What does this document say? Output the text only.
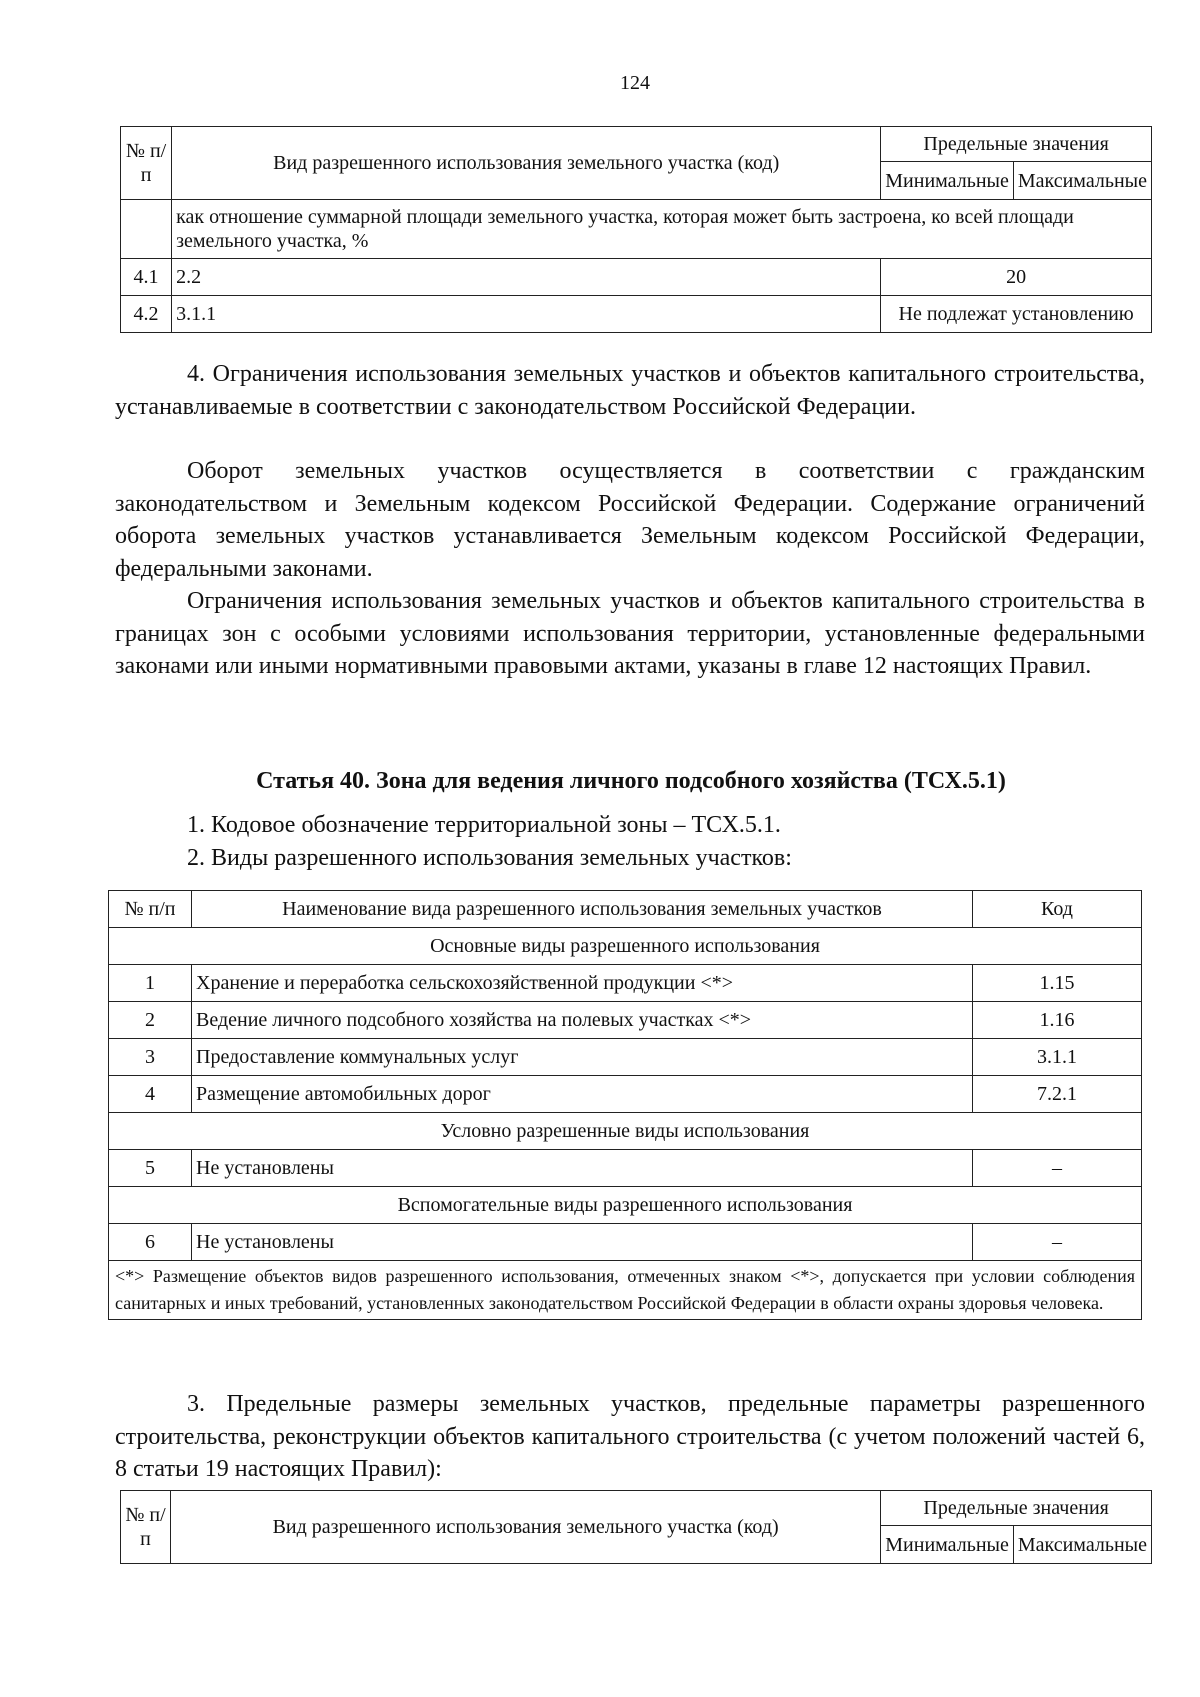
124
№ п/п	Вид разрешенного использования земельного участка (код)	Предельные значения	
		Минимальные	Максимальные
	как отношение суммарной площади земельного участка, которая может быть застроена, ко всей площади земельного участка, %		
4.1	2.2	20	
4.2	3.1.1	Не подлежат установлению	
4. Ограничения использования земельных участков и объектов капитального строительства, устанавливаемые в соответствии с законодательством Российской Федерации.
Оборот земельных участков осуществляется в соответствии с гражданским законодательством и Земельным кодексом Российской Федерации. Содержание ограничений оборота земельных участков устанавливается Земельным кодексом Российской Федерации, федеральными законами.
Ограничения использования земельных участков и объектов капитального строительства в границах зон с особыми условиями использования территории, установленные федеральными законами или иными нормативными правовыми актами, указаны в главе 12 настоящих Правил.
Статья 40. Зона для ведения личного подсобного хозяйства (ТСХ.5.1)
1. Кодовое обозначение территориальной зоны – ТСХ.5.1.
2. Виды разрешенного использования земельных участков:
№ п/п	Наименование вида разрешенного использования земельных участков	Код
Основные виды разрешенного использования		
1	Хранение и переработка сельскохозяйственной продукции <*>	1.15
2	Ведение личного подсобного хозяйства на полевых участках <*>	1.16
3	Предоставление коммунальных услуг	3.1.1
4	Размещение автомобильных дорог	7.2.1
Условно разрешенные виды использования		
5	Не установлены	–
Вспомогательные виды разрешенного использования		
6	Не установлены	–
<*> Размещение объектов видов разрешенного использования, отмеченных знаком <*>, допускается при условии соблюдения санитарных и иных требований, установленных законодательством Российской Федерации в области охраны здоровья человека.		
3. Предельные размеры земельных участков, предельные параметры разрешенного строительства, реконструкции объектов капитального строительства (с учетом положений частей 6, 8 статьи 19 настоящих Правил):
№ п/п	Вид разрешенного использования земельного участка (код)	Предельные значения	
		Минимальные	Максимальные
